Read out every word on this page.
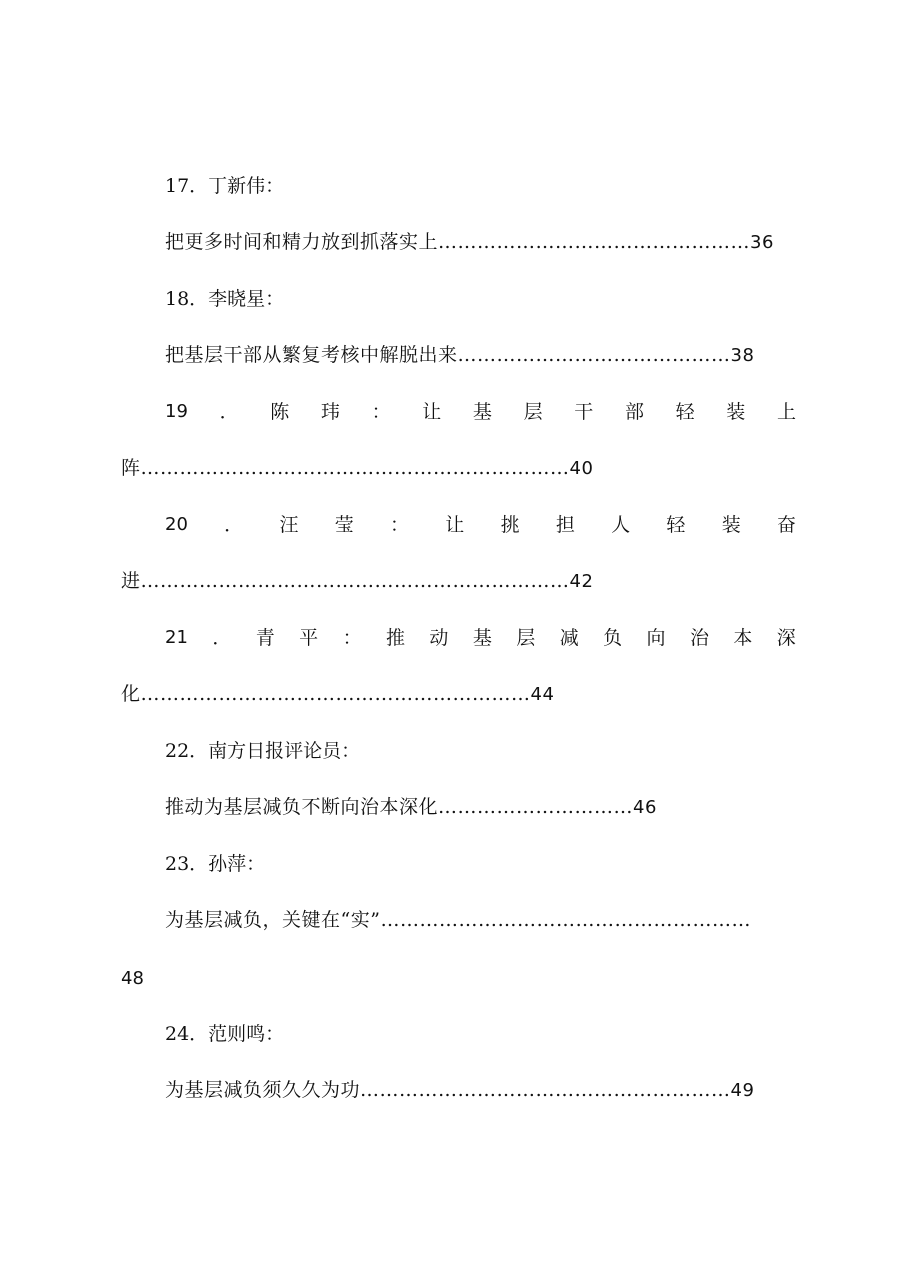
17．丁新伟：
把更多时间和精力放到抓落实上…………………………………………36
18．李晓星：
把基层干部从繁复考核中解脱出来……………………………………38
19 ． 陈 玮 ： 让 基 层 干 部 轻 装 上
阵…………………………………………………………40
20 ． 汪 莹 ： 让 挑 担 人 轻 装 奋
进…………………………………………………………42
21 ． 青 平 ： 推 动 基 层 减 负 向 治 本 深
化……………………………………………………44
22．南方日报评论员：
推动为基层减负不断向治本深化…………………………46
23．孙萍：
为基层减负，关键在“实”…………………………………………………
48
24．范则鸣：
为基层减负须久久为功…………………………………………………49
